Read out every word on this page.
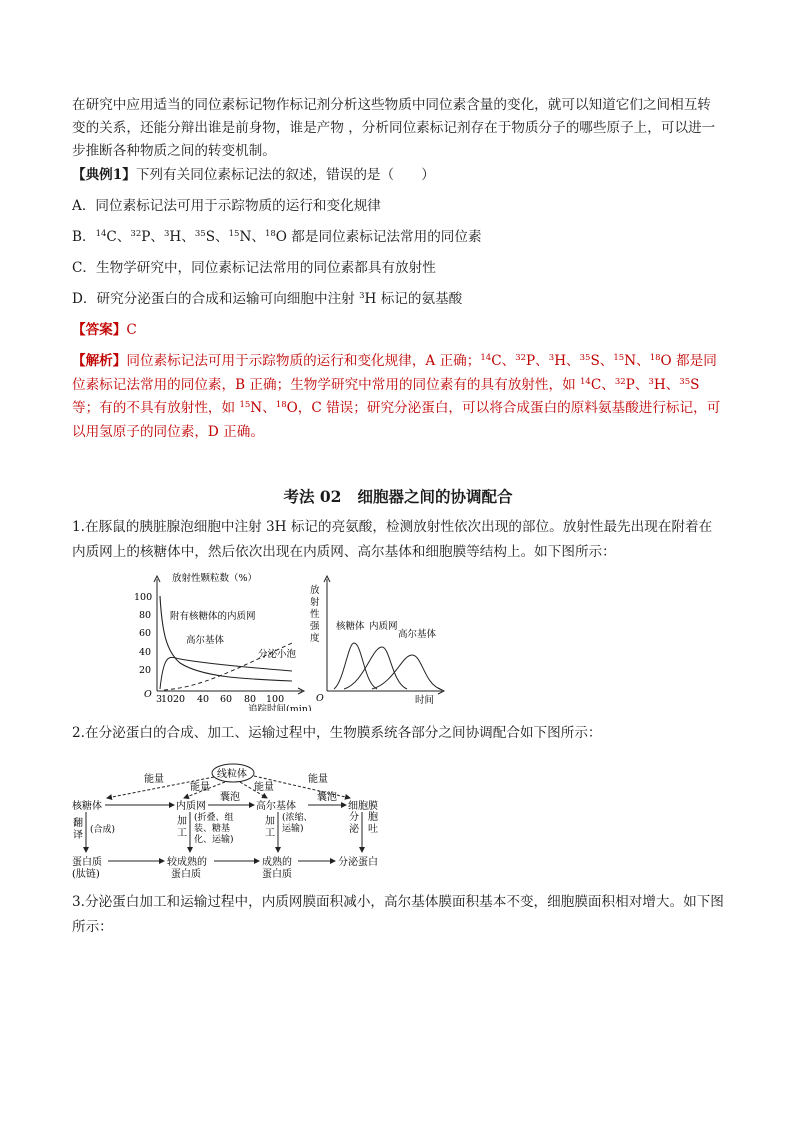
在研究中应用适当的同位素标记物作标记剂分析这些物质中同位素含量的变化，就可以知道它们之间相互转变的关系，还能分辩出谁是前身物，谁是产物 ，分析同位素标记剂存在于物质分子的哪些原子上，可以进一步推断各种物质之间的转变机制。

【典例1】下列有关同位素标记法的叙述，错误的是（　　）

A．同位素标记法可用于示踪物质的运行和变化规律

B．$^{14}$C、$^{32}$P、$^3$H、$^{35}$S、$^{15}$N、$^{18}$O 都是同位素标记法常用的同位素

C．生物学研究中，同位素标记法常用的同位素都具有放射性

D．研究分泌蛋白的合成和运输可向细胞中注射 $^3$H 标记的氨基酸

【答案】C

【解析】同位素标记法可用于示踪物质的运行和变化规律，A 正确；$^{14}$C、$^{32}$P、$^3$H、$^{35}$S、$^{15}$N、$^{18}$O 都是同位素标记法常用的同位素，B 正确；生物学研究中常用的同位素有的具有放射性，如 $^{14}$C、$^{32}$P、$^3$H、$^{35}$S等；有的不具有放射性，如 $^{15}$N、$^{18}$O，C 错误；研究分泌蛋白，可以将合成蛋白的原料氨基酸进行标记，可以用氢原子的同位素，D 正确。

考法 02 细胞器之间的协调配合

1.在豚鼠的胰脏腺泡细胞中注射 3H 标记的亮氨酸，检测放射性依次出现的部位。放射性最先出现在附着在内质网上的核糖体中，然后依次出现在内质网、高尔基体和细胞膜等结构上。如下图所示：

放射性颗粒数（%）
100
80
60
40
20
O 3
10 20 40 60 80 100
追踪时间(min)
附有核糖体的内质网
高尔基体
分泌小泡
放
射
性
强
度
O	时间
核糖体 内质网
高尔基体

2.在分泌蛋白的合成、加工、运输过程中，生物膜系统各部分之间协调配合如下图所示：

线粒体
能量
能量	能量
能量
核糖体	内质网	高尔基体	细胞膜
囊泡	囊泡
翻
译 (合成)
加
工
(折叠、组
装、糖基
化、运输)
加
工
(浓缩、
运输)
分
泌
胞
吐
蛋白质
(肽链)
较成熟的
蛋白质
成熟的
蛋白质
分泌蛋白

3.分泌蛋白加工和运输过程中，内质网膜面积减小，高尔基体膜面积基本不变，细胞膜面积相对增大。如下图所示：
